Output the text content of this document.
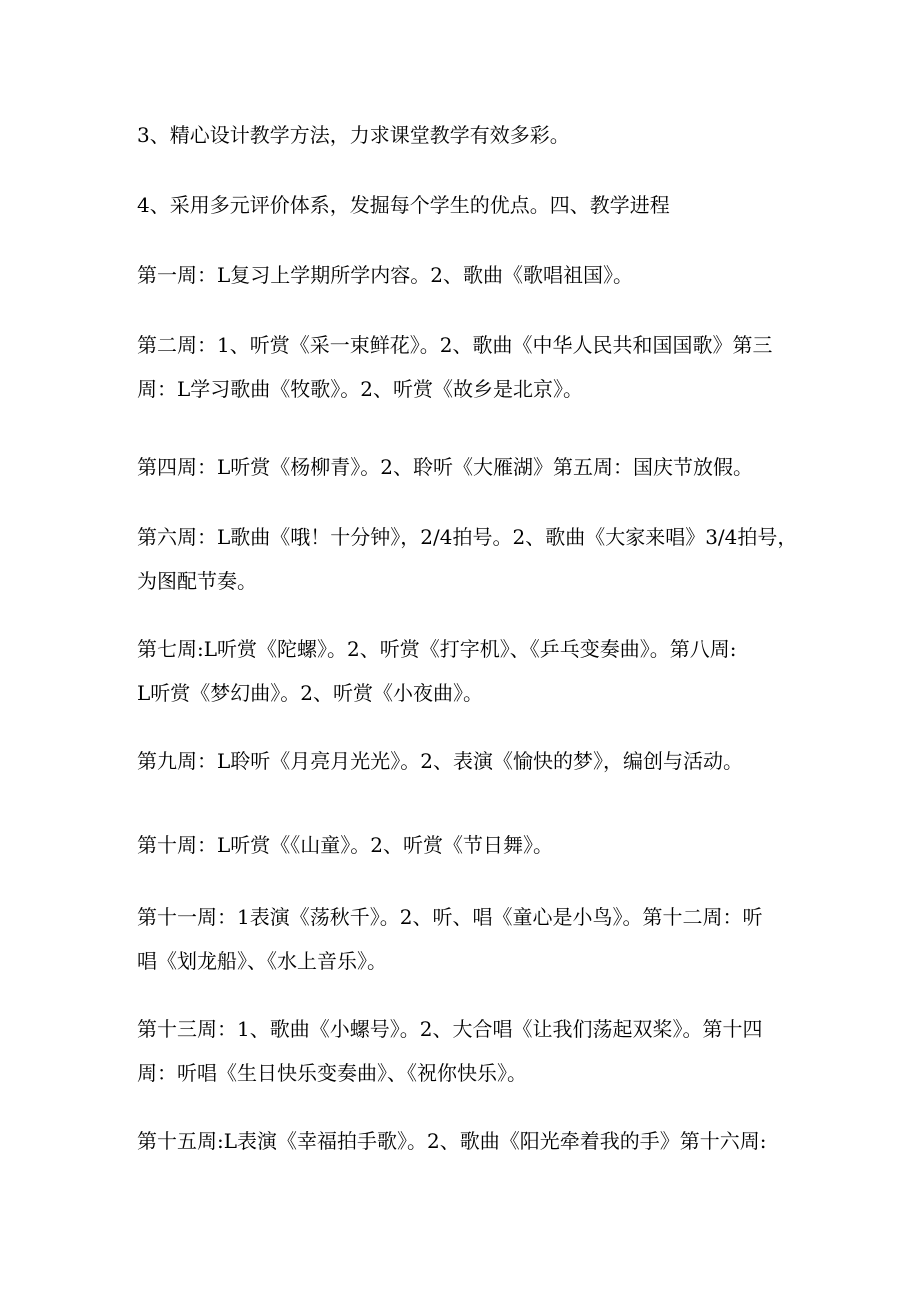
3、精心设计教学方法，力求课堂教学有效多彩。

4、采用多元评价体系，发掘每个学生的优点。四、教学进程

第一周：L复习上学期所学内容。2、歌曲《歌唱祖国》。

第二周：1、听赏《采一束鲜花》。2、歌曲《中华人民共和国国歌》第三
周：L学习歌曲《牧歌》。2、听赏《故乡是北京》。

第四周：L听赏《杨柳青》。2、聆听《大雁湖》第五周：国庆节放假。

第六周：L歌曲《哦！十分钟》，2/4拍号。2、歌曲《大家来唱》3/4拍号，
为图配节奏。

第七周:L听赏《陀螺》。2、听赏《打字机》、《乒乓变奏曲》。第八周:
L听赏《梦幻曲》。2、听赏《小夜曲》。

第九周：L聆听《月亮月光光》。2、表演《愉快的梦》，编创与活动。

第十周：L听赏《《山童》。2、听赏《节日舞》。

第十一周：1表演《荡秋千》。2、听、唱《童心是小鸟》。第十二周：听
唱《划龙船》、《水上音乐》。

第十三周：1、歌曲《小螺号》。2、大合唱《让我们荡起双桨》。第十四
周：听唱《生日快乐变奏曲》、《祝你快乐》。

第十五周:L表演《幸福拍手歌》。2、歌曲《阳光牵着我的手》第十六周:
